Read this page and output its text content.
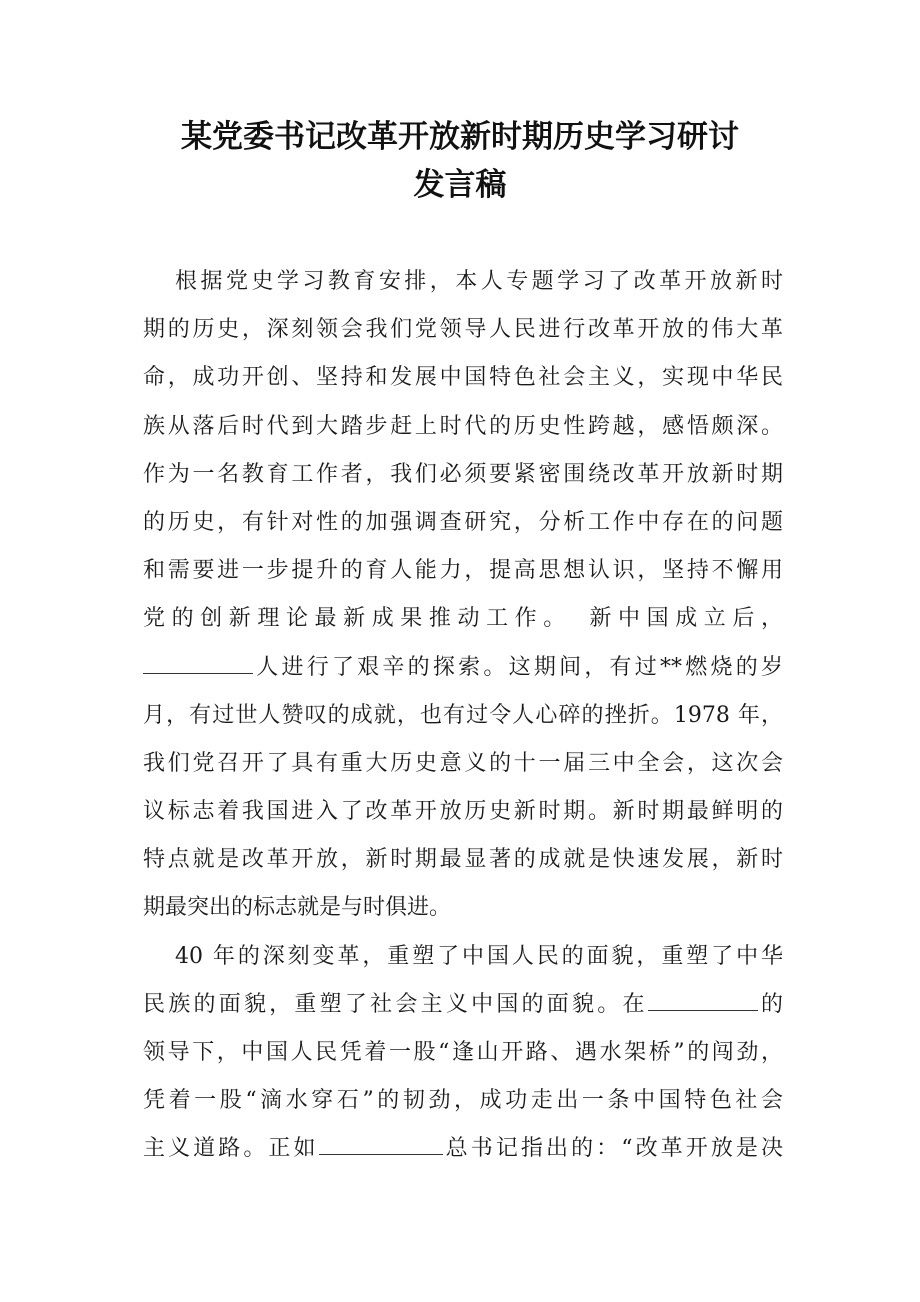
某党委书记改革开放新时期历史学习研讨
发言稿
根据党史学习教育安排，本人专题学习了改革开放新时
期的历史，深刻领会我们党领导人民进行改革开放的伟大革
命，成功开创、坚持和发展中国特色社会主义，实现中华民
族从落后时代到大踏步赶上时代的历史性跨越，感悟颇深。
作为一名教育工作者，我们必须要紧密围绕改革开放新时期
的历史，有针对性的加强调查研究，分析工作中存在的问题
和需要进一步提升的育人能力，提高思想认识，坚持不懈用
党的创新理论最新成果推动工作。　新中国成立后，
人进行了艰辛的探索。这期间，有过**燃烧的岁
月，有过世人赞叹的成就，也有过令人心碎的挫折。1978 年，
我们党召开了具有重大历史意义的十一届三中全会，这次会
议标志着我国进入了改革开放历史新时期。新时期最鲜明的
特点就是改革开放，新时期最显著的成就是快速发展，新时
期最突出的标志就是与时俱进。
40 年的深刻变革，重塑了中国人民的面貌，重塑了中华
民族的面貌，重塑了社会主义中国的面貌。在	的
领导下，中国人民凭着一股“逢山开路、遇水架桥”的闯劲，
凭着一股“滴水穿石”的韧劲，成功走出一条中国特色社会
主义道路。正如	总书记指出的：“改革开放是决
